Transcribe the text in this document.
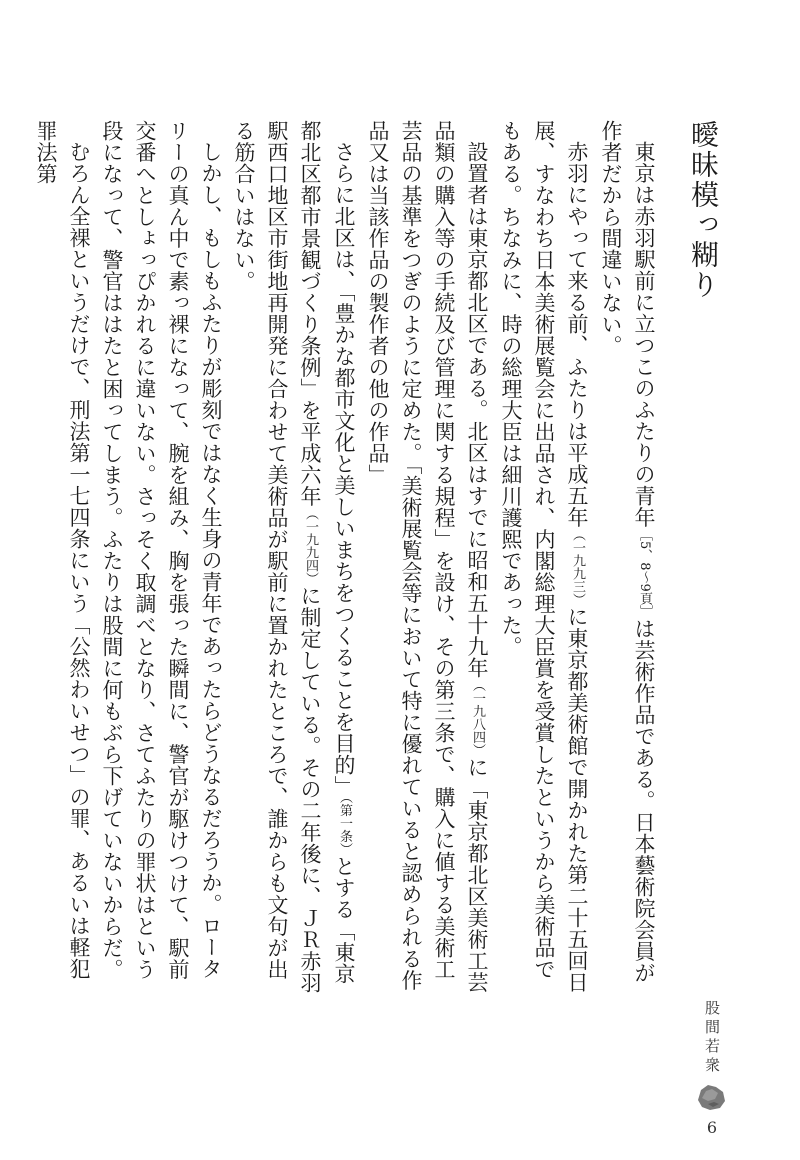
曖昧模っ糊り

東京は赤羽駅前に立つこのふたりの青年［5、8〜9頁］は芸術作品である。日本藝術院会員が作者だから間違いない。

赤羽にやって来る前、ふたりは平成五年（一九九三）に東京都美術館で開かれた第二十五回日展、すなわち日本美術展覧会に出品され、内閣総理大臣賞を受賞したというから美術品でもある。ちなみに、時の総理大臣は細川護熙であった。

設置者は東京都北区である。北区はすでに昭和五十九年（一九八四）に「東京都北区美術工芸品類の購入等の手続及び管理に関する規程」を設け、その第三条で、購入に値する美術工芸品の基準をつぎのように定めた。「美術展覧会等において特に優れていると認められる作品又は当該作品の製作者の他の作品」

さらに北区は、「豊かな都市文化と美しいまちをつくることを目的」（第一条）とする「東京都北区都市景観づくり条例」を平成六年（一九九四）に制定している。その二年後に、ＪＲ赤羽駅西口地区市街地再開発に合わせて美術品が駅前に置かれたところで、誰からも文句が出る筋合いはない。

しかし、もしもふたりが彫刻ではなく生身の青年であったらどうなるだろうか。ロータリーの真ん中で素っ裸になって、腕を組み、胸を張った瞬間に、警官が駆けつけて、駅前交番へとしょっぴかれるに違いない。さっそく取調べとなり、さてふたりの罪状はという段になって、警官ははたと困ってしまう。ふたりは股間に何もぶら下げていないからだ。

むろん全裸というだけで、刑法第一七四条にいう「公然わいせつ」の罪、あるいは軽犯罪法第

股間若衆
6
